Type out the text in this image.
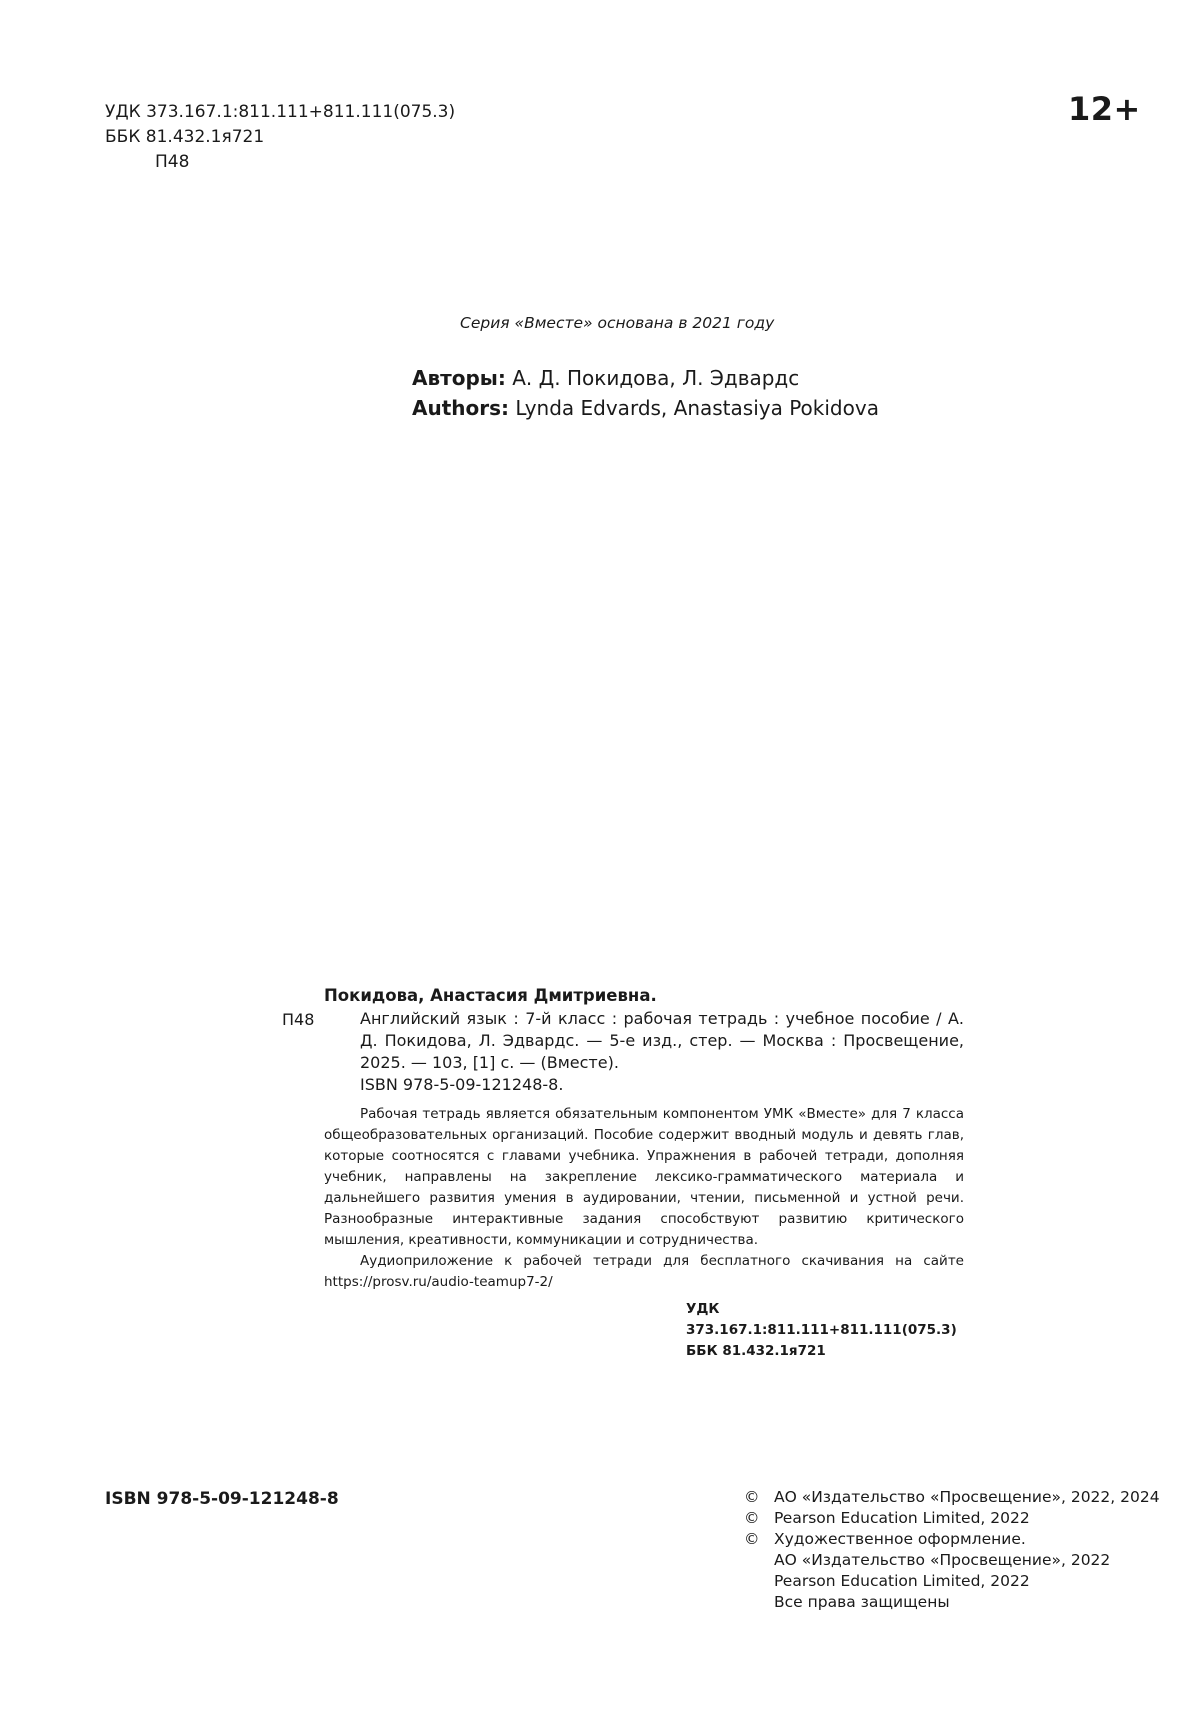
УДК 373.167.1:811.111+811.111(075.3)
ББК 81.432.1я721
П48
12+
Серия «Вместе» основана в 2021 году
Авторы: А. Д. Покидова, Л. Эдвардс
Authors: Lynda Edvards, Anastasiya Pokidova
Покидова, Анастасия Дмитриевна.
П48	Английский язык : 7-й класс : рабочая тетрадь : учебное пособие / А. Д. Покидова, Л. Эдвардс. — 5-е изд., стер. — Москва : Просвещение, 2025. — 103, [1] с. — (Вместе).
ISBN 978-5-09-121248-8.

Рабочая тетрадь является обязательным компонентом УМК «Вместе» для 7 класса общеобразовательных организаций. Пособие содержит вводный модуль и девять глав, которые соотносятся с главами учебника. Упражнения в рабочей тетради, дополняя учебник, направлены на закрепление лексико-грамматического материала и дальнейшего развития умения в аудировании, чтении, письменной и устной речи. Разнообразные интерактивные задания способствуют развитию критического мышления, креативности, коммуникации и сотрудничества.

Аудиоприложение к рабочей тетради для бесплатного скачивания на сайте https://prosv.ru/audio-teamup7-2/

УДК 373.167.1:811.111+811.111(075.3)
ББК 81.432.1я721
ISBN 978-5-09-121248-8	© АО «Издательство «Просвещение», 2022, 2024
© Pearson Education Limited, 2022
© Художественное оформление.
АО «Издательство «Просвещение», 2022
Pearson Education Limited, 2022
Все права защищены
